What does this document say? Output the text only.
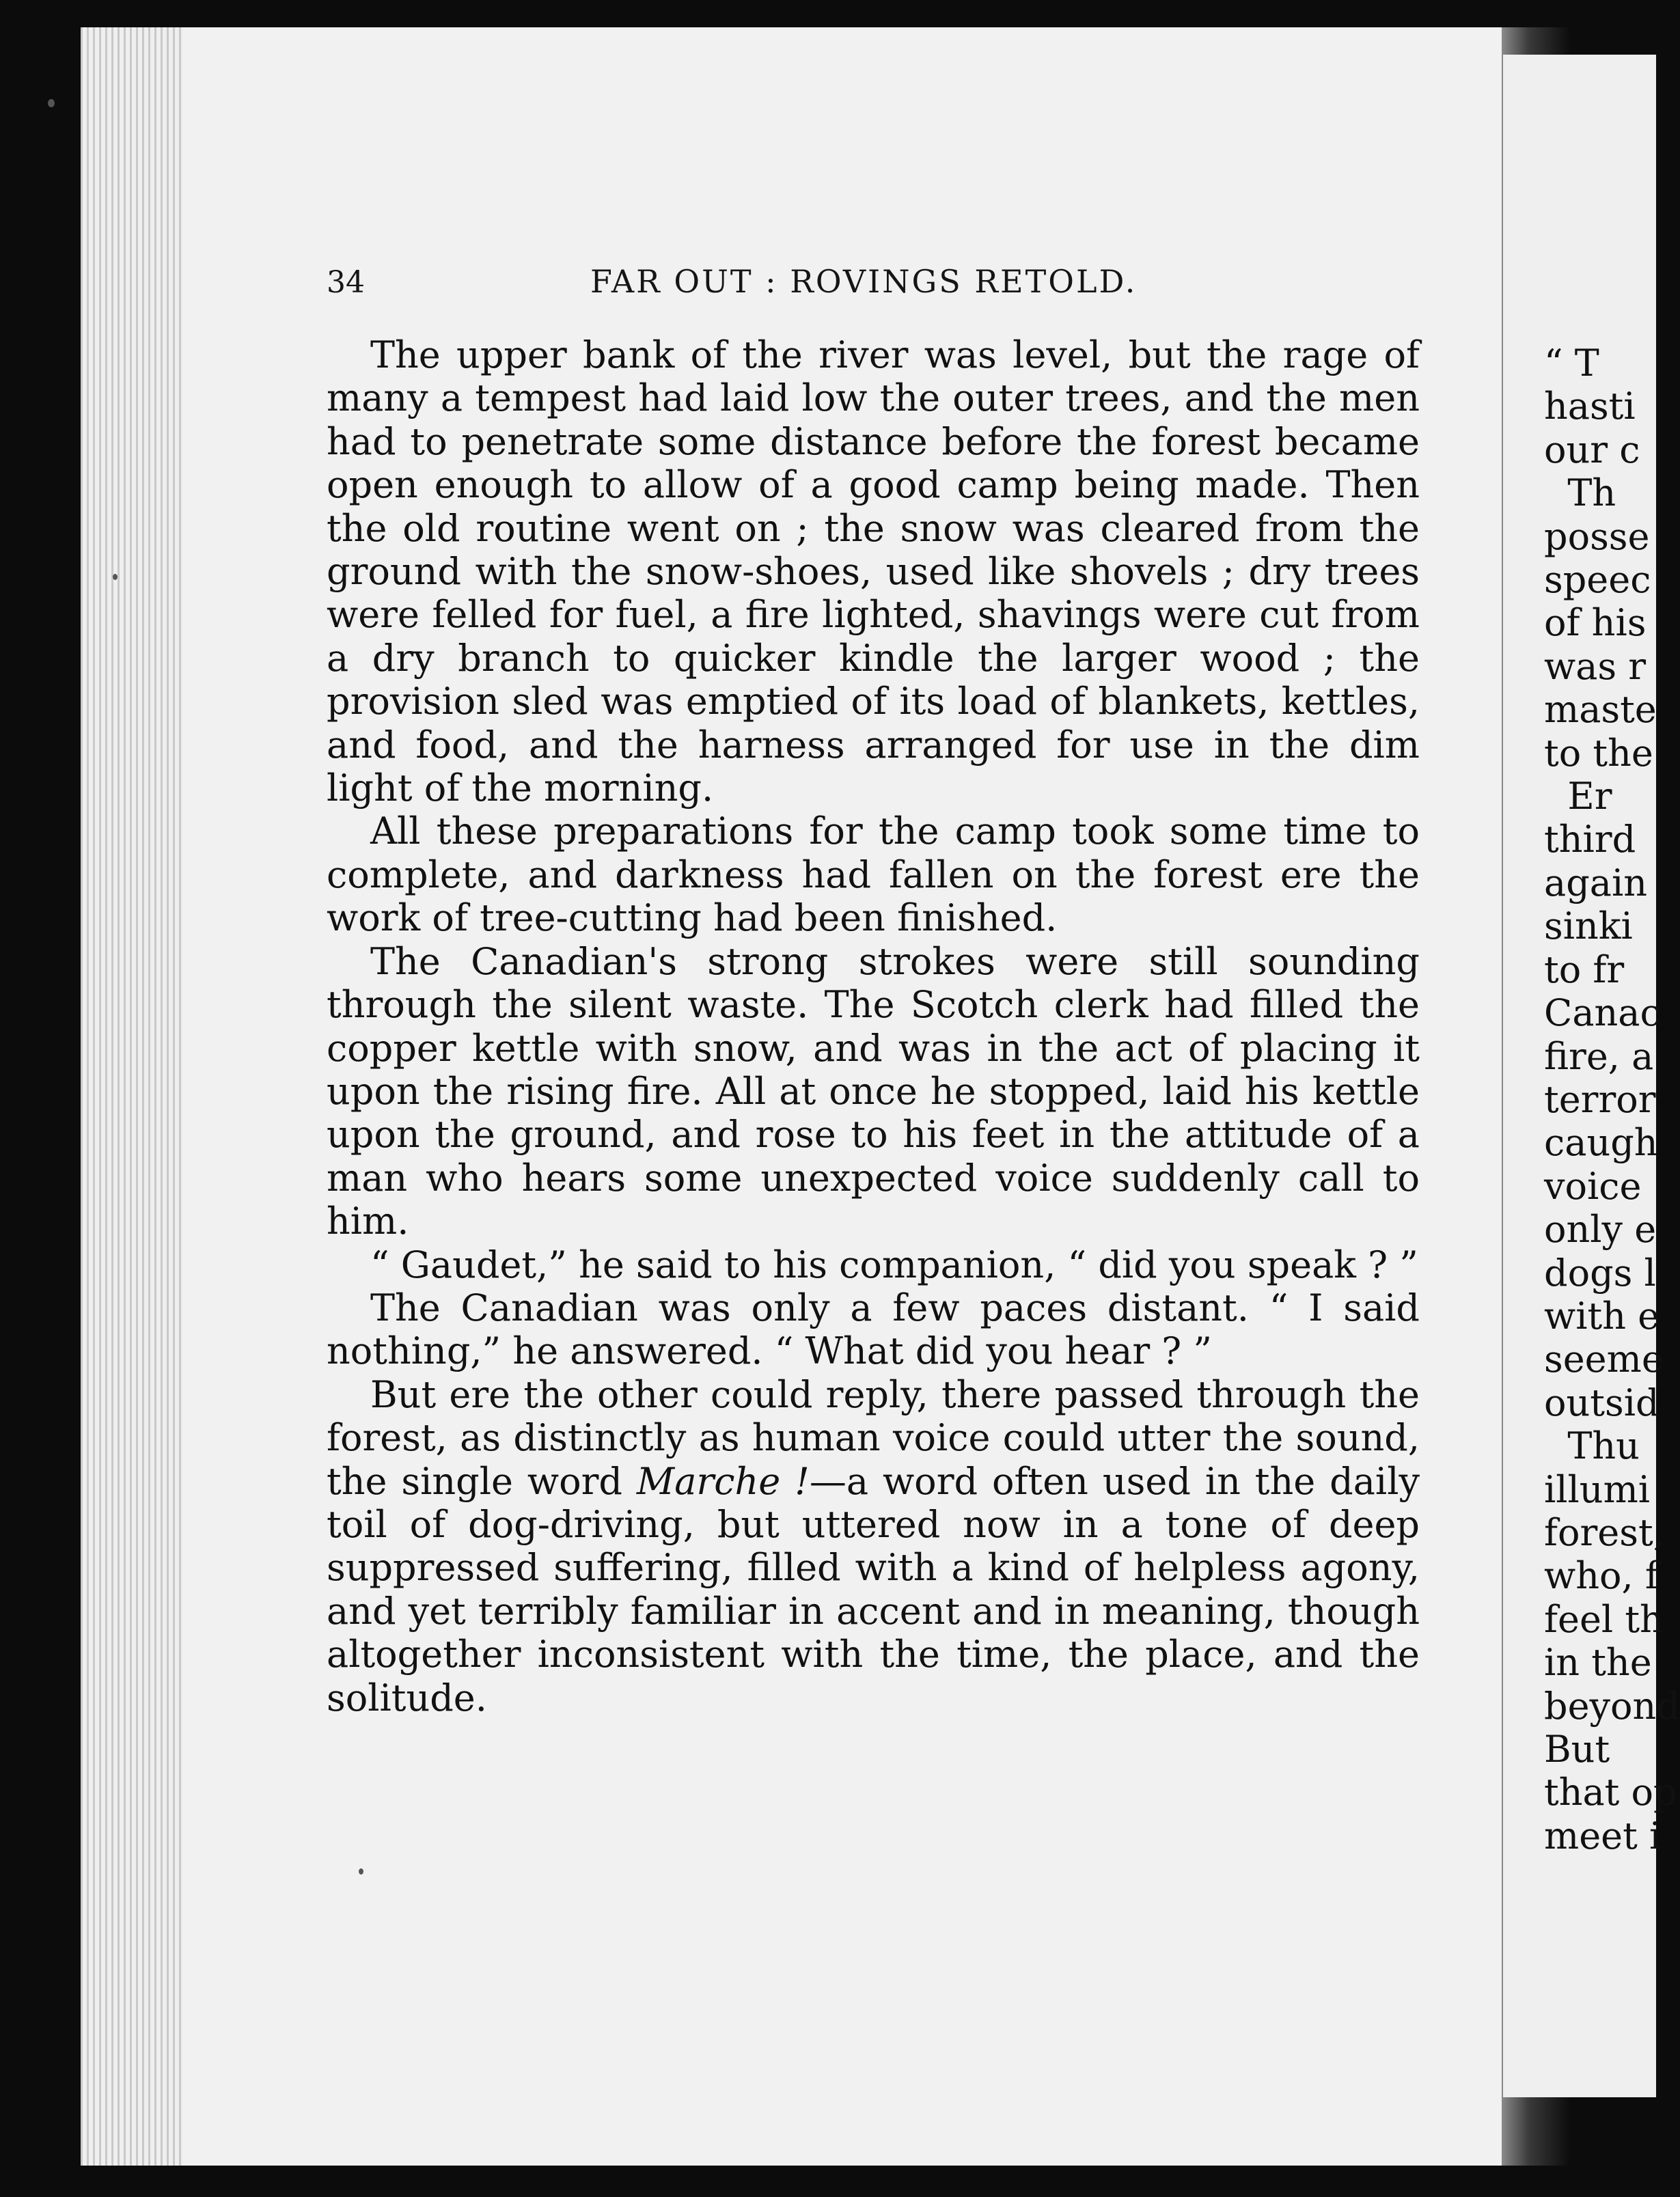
“ T
hasti
our c
Th
posse
speec
of his
was r
maste
to the
Er
third
again
sinki
to fr
Canac
fire, a
terror
caugh
voice
only e
dogs l
with e
seeme
outsid
Thu
illumi
forest,
who, f
feel th
in the
beyond
But
that op
meet i
34	FAR OUT : ROVINGS RETOLD.

The upper bank of the river was level, but the rage of many a tempest had laid low the outer trees, and the men had to penetrate some distance before the forest became open enough to allow of a good camp being made. Then the old routine went on ; the snow was cleared from the ground with the snow-shoes, used like shovels ; dry trees were felled for fuel, a fire lighted, shavings were cut from a dry branch to quicker kindle the larger wood ; the provision sled was emptied of its load of blankets, kettles, and food, and the harness arranged for use in the dim light of the morning.

All these preparations for the camp took some time to complete, and darkness had fallen on the forest ere the work of tree-cutting had been finished.

The Canadian's strong strokes were still sounding through the silent waste. The Scotch clerk had filled the copper kettle with snow, and was in the act of placing it upon the rising fire. All at once he stopped, laid his kettle upon the ground, and rose to his feet in the attitude of a man who hears some unexpected voice suddenly call to him.

“ Gaudet,” he said to his companion, “ did you speak ? ”

The Canadian was only a few paces distant. “ I said nothing,” he answered. “ What did you hear ? ”

But ere the other could reply, there passed through the forest, as distinctly as human voice could utter the sound, the single word Marche !—a word often used in the daily toil of dog-driving, but uttered now in a tone of deep suppressed suffering, filled with a kind of helpless agony, and yet terribly familiar in accent and in meaning, though altogether inconsistent with the time, the place, and the solitude.
